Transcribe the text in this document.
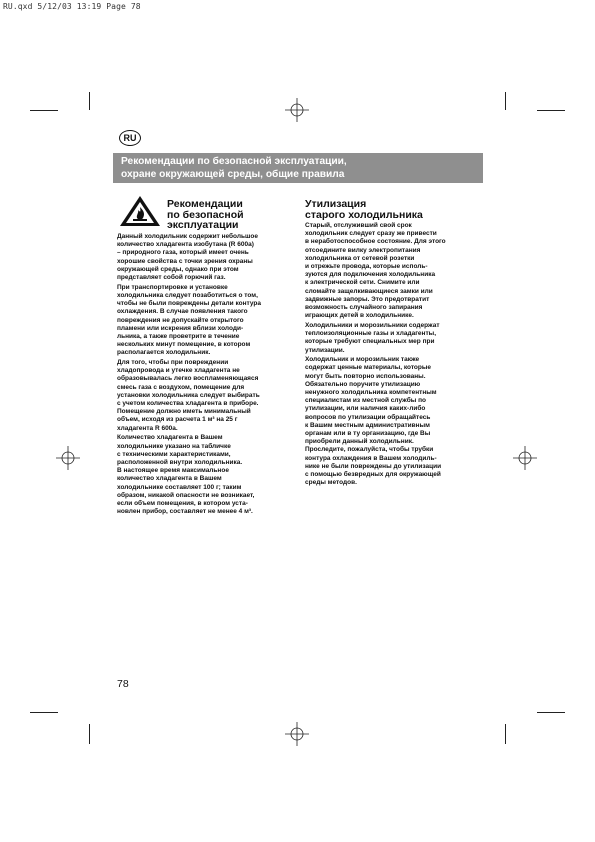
RU.qxd 5/12/03 13:19 Page 78
RU
Рекомендации по безопасной эксплуатации,
охране окружающей среды, общие правила
Рекомендации
по безопасной
эксплуатации

Данный холодильник содержит небольшое
количество хладагента изобутана (R 600a)
– природного газа, который имеет очень
хорошие свойства с точки зрения охраны
окружающей среды, однако при этом
представляет собой горючий газ.

При транспортировке и установке
холодильника следует позаботиться о том,
чтобы не были повреждены детали контура
охлаждения. В случае появления такого
повреждения не допускайте открытого
пламени или искрения вблизи холоди-
льника, а также проветрите в течение
нескольких минут помещение, в котором
располагается холодильник.

Для того, чтобы при повреждении
хладопровода и утечке хладагента не
образовывалась легко воспламеняющаяся
смесь газа с воздухом, помещение для
установки холодильника следует выбирать
с учетом количества хладагента в приборе.
Помещение должно иметь минимальный
объем, исходя из расчета 1 м³ на 25 г
хладагента R 600a.

Количество хладагента в Вашем
холодильнике указано на табличке
с техническими характеристиками,
расположенной внутри холодильника.
В настоящее время максимальное
количество хладагента в Вашем
холодильнике составляет 100 г; таким
образом, никакой опасности не возникает,
если объем помещения, в котором уста-
новлен прибор, составляет не менее 4 м³.

Утилизация
старого холодильника

Старый, отслуживший свой срок
холодильник следует сразу же привести
в неработоспособное состояние. Для этого
отсоедините вилку электропитания
холодильника от сетевой розетки
и отрежьте провода, которые исполь-
зуются для подключения холодильника
к электрической сети. Снимите или
сломайте защелкивающиеся замки или
задвижные запоры. Это предотвратит
возможность случайного запирания
играющих детей в холодильнике.

Холодильники и морозильники содержат
теплоизоляционные газы и хладагенты,
которые требуют специальных мер при
утилизации.

Холодильник и морозильник также
содержат ценные материалы, которые
могут быть повторно использованы.
Обязательно поручите утилизацию
ненужного холодильника компетентным
специалистам из местной службы по
утилизации, или наличия каких-либо
вопросов по утилизации обращайтесь
к Вашим местным административным
органам или в ту организацию, где Вы
приобрели данный холодильник.
Проследите, пожалуйста, чтобы трубки
контура охлаждения в Вашем холодиль-
нике не были повреждены до утилизации
с помощью безвредных для окружающей
среды методов.

78
